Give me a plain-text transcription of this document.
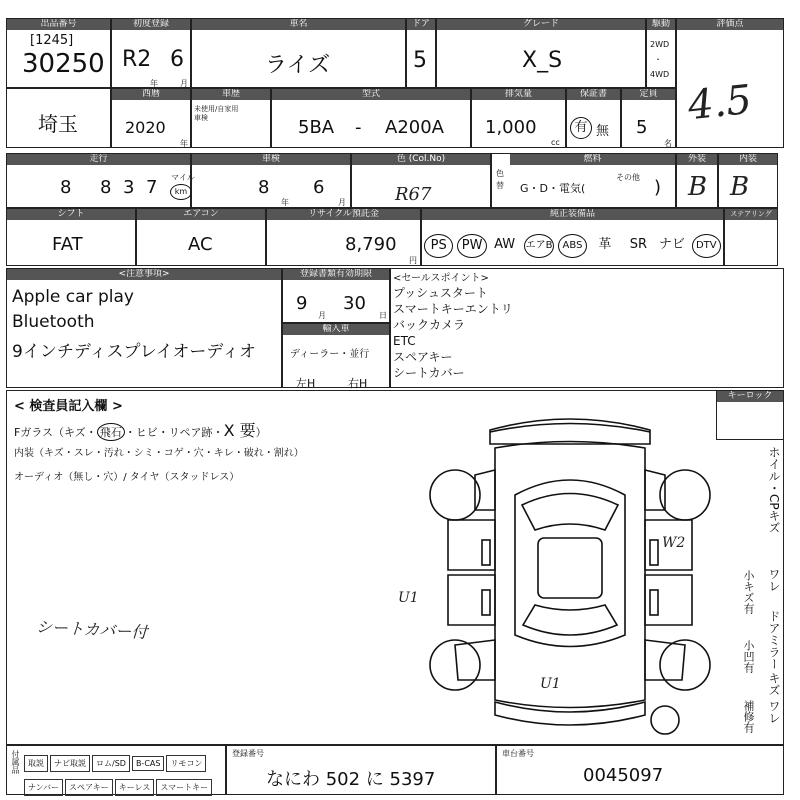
出品番号
[1245]
30250
初度登録
R2 6
年	月
車名
ライズ
ドア
5
グレード
X_S
駆動
2WD
・
4WD
評価点
4.5
埼玉
西暦
2020
年
車歴
未使用/自家用
車検
型式
5BA - A200A
排気量
1,000
cc
保証書
有 無
定員
5
名
走行
8 8 3 7 マイル
km
車検
8
年
6
月
色 (Col.No)
R67
色替
燃料
G・D・電気(
その他 )
外装
B
内装
B
シフト
FAT
エアコン
AC
リサイクル預託金
8,790
円
純正装備品
PS	PW AW	エアB	ABS	革	SR ナビ	DTV
ステアリング
<注意事項>
Apple car play
Bluetooth
9インチディスプレイオーディオ
登録書類有効期限
9
月
30
日
輸入車
ディーラー・並行
左H	右H
<セールスポイント>
プッシュスタート
スマートキーエントリ
バックカメラ
ETC
スペアキー
シートカバー
< 検査員記入欄 >
Fガラス（キズ・ 飛石 ・ヒビ・リペア跡・X 要）
内装（キズ・スレ・汚れ・シミ・コゲ・穴・キレ・破れ・割れ）
オーディオ（無し・穴）/ タイヤ（スタッドレス）
シートカバー付
キーロック
ホイル・CPキズ
ワレ
小キズ有
ドアミラー
キズ ワレ
小凹有
補修有
W2
U1
U1
付属品	取説 ナビ取説 ロム/SD B-CAS リモコン
ナンバー スペアキー キーレス スマートキー
登録番号
なにわ 502 に 5397
車台番号
0045097
